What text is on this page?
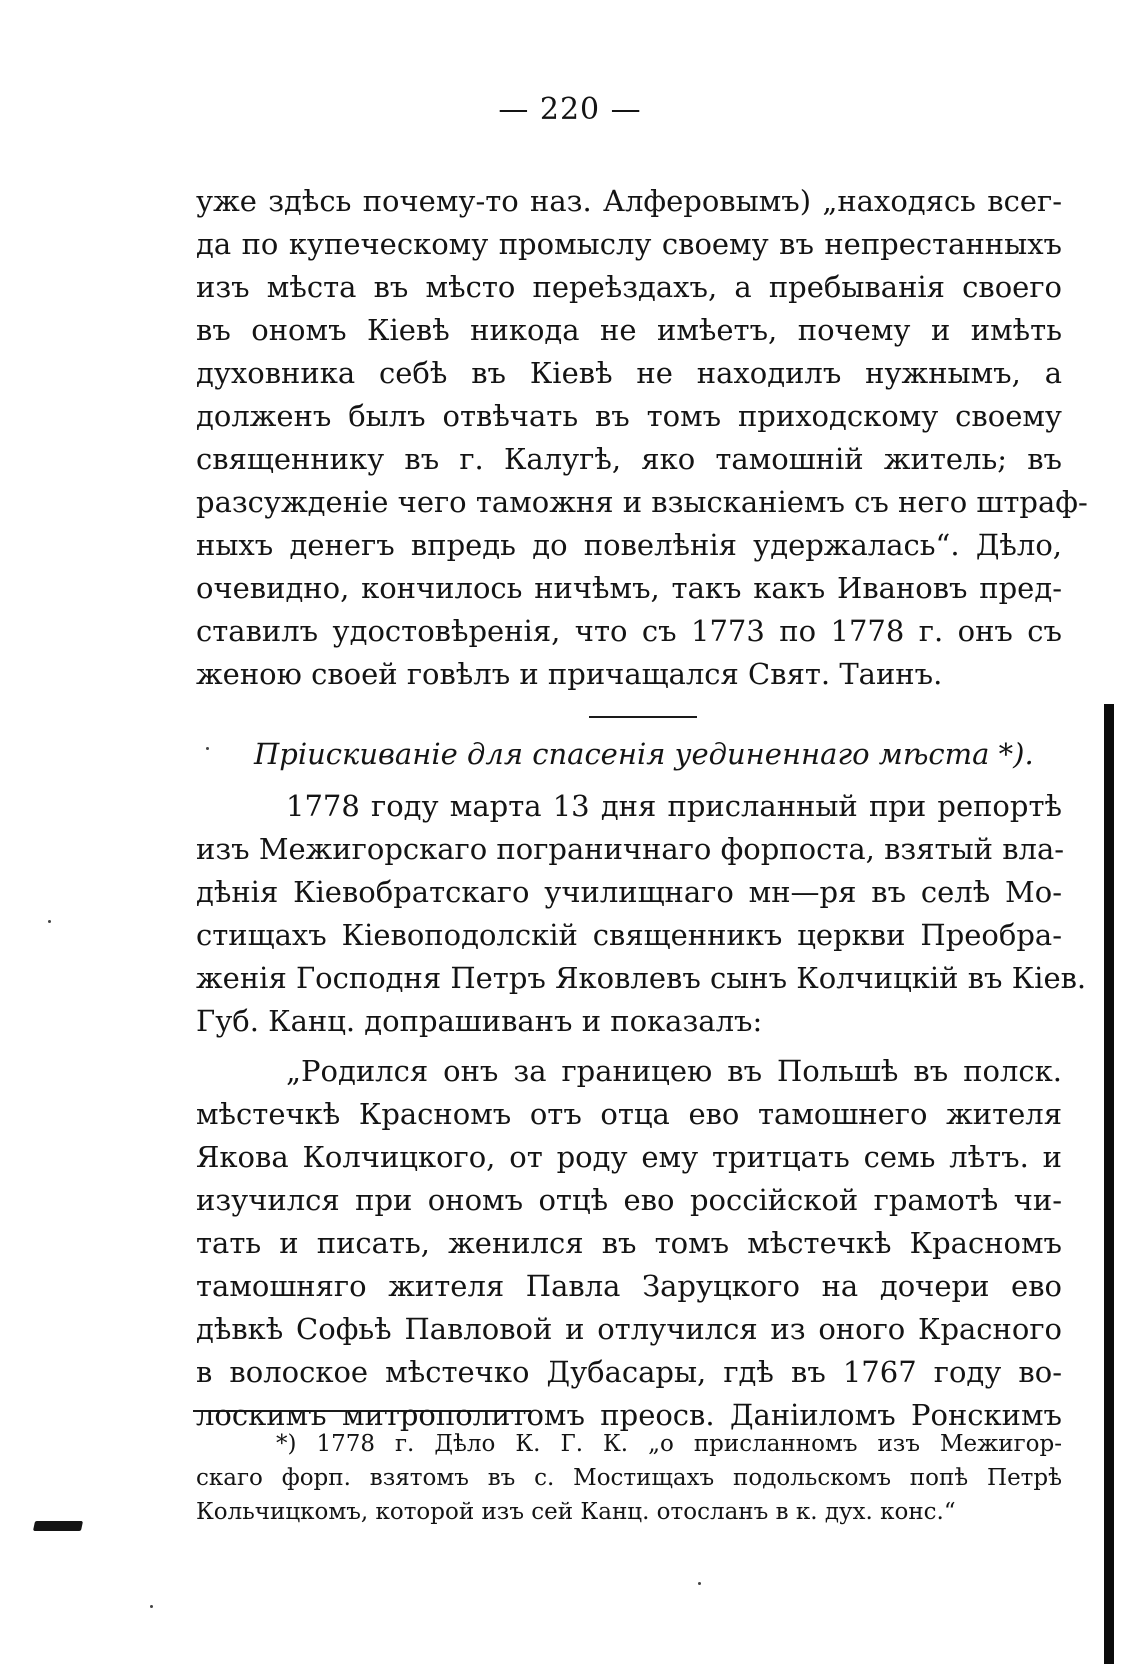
— 220 —
уже здѣсь почему-то наз. Алферовымъ) „находясь всег-
да по купеческому промыслу своему въ непрестанныхъ
изъ мѣста въ мѣсто переѣздахъ, а пребыванія своего
въ ономъ Кіевѣ никода не имѣетъ, почему и имѣть
духовника себѣ въ Кіевѣ не находилъ нужнымъ, а
долженъ былъ отвѣчать въ томъ приходскому своему
священнику въ г. Калугѣ, яко тамошній житель; въ
разсужденіе чего таможня и взысканіемъ съ него штраф-
ныхъ денегъ впредь до повелѣнія удержалась“. Дѣло,
очевидно, кончилось ничѣмъ, такъ какъ Ивановъ пред-
ставилъ удостовѣренія, что съ 1773 по 1778 г. онъ съ
женою своей говѣлъ и причащался Свят. Таинъ.
Пріискиваніе для спасенія уединеннаго мѣста *).
1778 году марта 13 дня присланный при репортѣ
изъ Межигорскаго пограничнаго форпоста, взятый вла-
дѣнія Кіевобратскаго училищнаго мн—ря въ селѣ Мо-
стищахъ Кіевоподолскій священникъ церкви Преобра-
женія Господня Петръ Яковлевъ сынъ Колчицкій въ Кіев.
Губ. Канц. допрашиванъ и показалъ:
„Родился онъ за границею въ Польшѣ въ полск.
мѣстечкѣ Красномъ отъ отца ево тамошнего жителя
Якова Колчицкого, от роду ему тритцать семь лѣтъ. и
изучился при ономъ отцѣ ево россійской грамотѣ чи-
тать и писать, женился въ томъ мѣстечкѣ Красномъ
тамошняго жителя Павла Заруцкого на дочери ево
дѣвкѣ Софьѣ Павловой и отлучился из оного Красного
в волоское мѣстечко Дубасары, гдѣ въ 1767 году во-
лоскимъ митрополитомъ преосв. Даніиломъ Ронскимъ
*) 1778 г. Дѣло К. Г. К. „о присланномъ изъ Межигор-
скаго форп. взятомъ въ с. Мостищахъ подольскомъ попѣ Петрѣ
Кольчицкомъ, которой изъ сей Канц. отосланъ в к. дух. конс.“
